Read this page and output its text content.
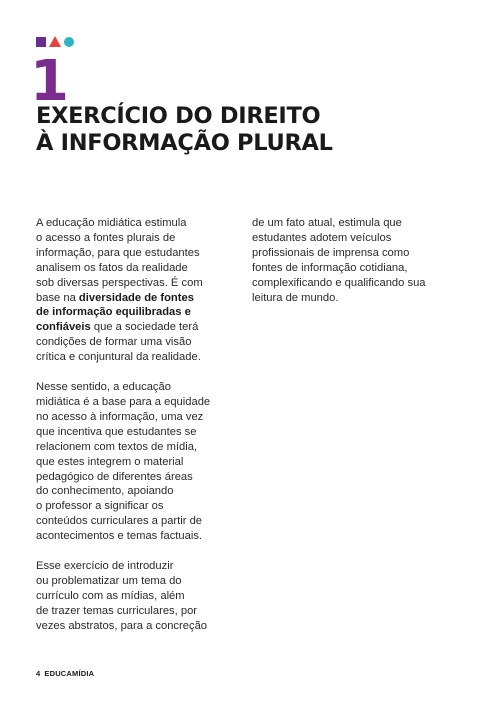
1
EXERCÍCIO DO DIREITO
À INFORMAÇÃO PLURAL

A educação midiática estimula
o acesso a fontes plurais de
informação, para que estudantes
analisem os fatos da realidade
sob diversas perspectivas. É com
base na diversidade de fontes
de informação equilibradas e
confiáveis que a sociedade terá
condições de formar uma visão
crítica e conjuntural da realidade.

Nesse sentido, a educação
midiática é a base para a equidade
no acesso à informação, uma vez
que incentiva que estudantes se
relacionem com textos de mídia,
que estes integrem o material
pedagógico de diferentes áreas
do conhecimento, apoiando
o professor a significar os
conteúdos curriculares a partir de
acontecimentos e temas factuais.

Esse exercício de introduzir
ou problematizar um tema do
currículo com as mídias, além
de trazer temas curriculares, por
vezes abstratos, para a concreção

de um fato atual, estimula que
estudantes adotem veículos
profissionais de imprensa como
fontes de informação cotidiana,
complexificando e qualificando sua
leitura de mundo.

4 EDUCAMÍDIA
